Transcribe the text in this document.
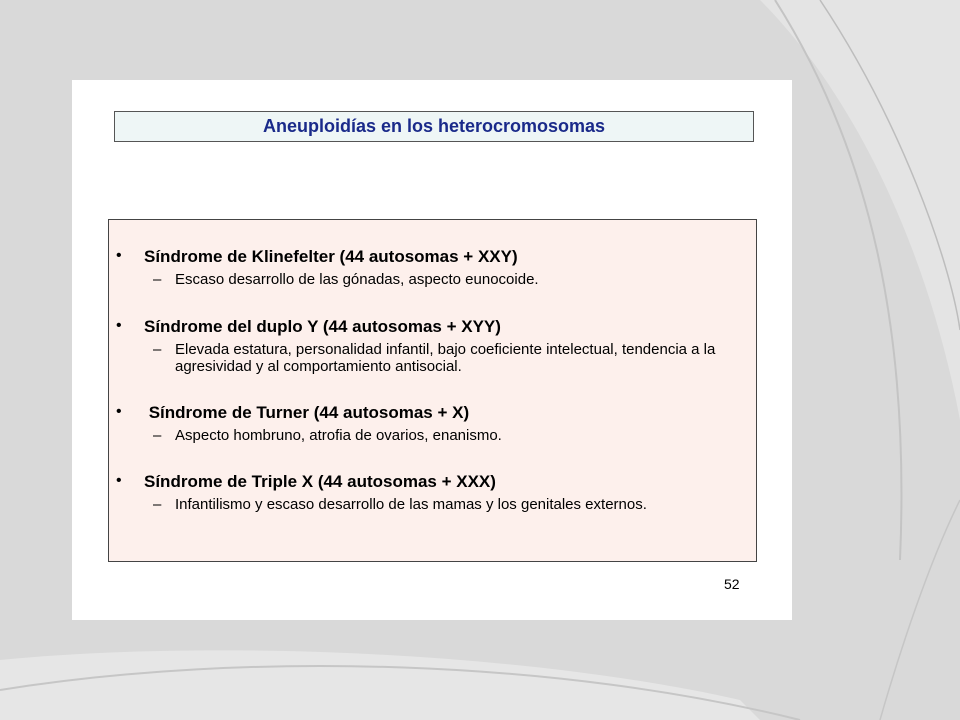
Aneuploidías en los heterocromosomas
• Síndrome de Klinefelter (44 autosomas + XXY)
– Escaso desarrollo de las gónadas, aspecto eunocoide.
• Síndrome del duplo Y (44 autosomas + XYY)
– Elevada estatura, personalidad infantil, bajo coeficiente intelectual, tendencia a la agresividad y al comportamiento antisocial.
• Síndrome de Turner (44 autosomas + X)
– Aspecto hombruno, atrofia de ovarios, enanismo.
• Síndrome de Triple X (44 autosomas + XXX)
– Infantilismo y escaso desarrollo de las mamas y los genitales externos.
52
